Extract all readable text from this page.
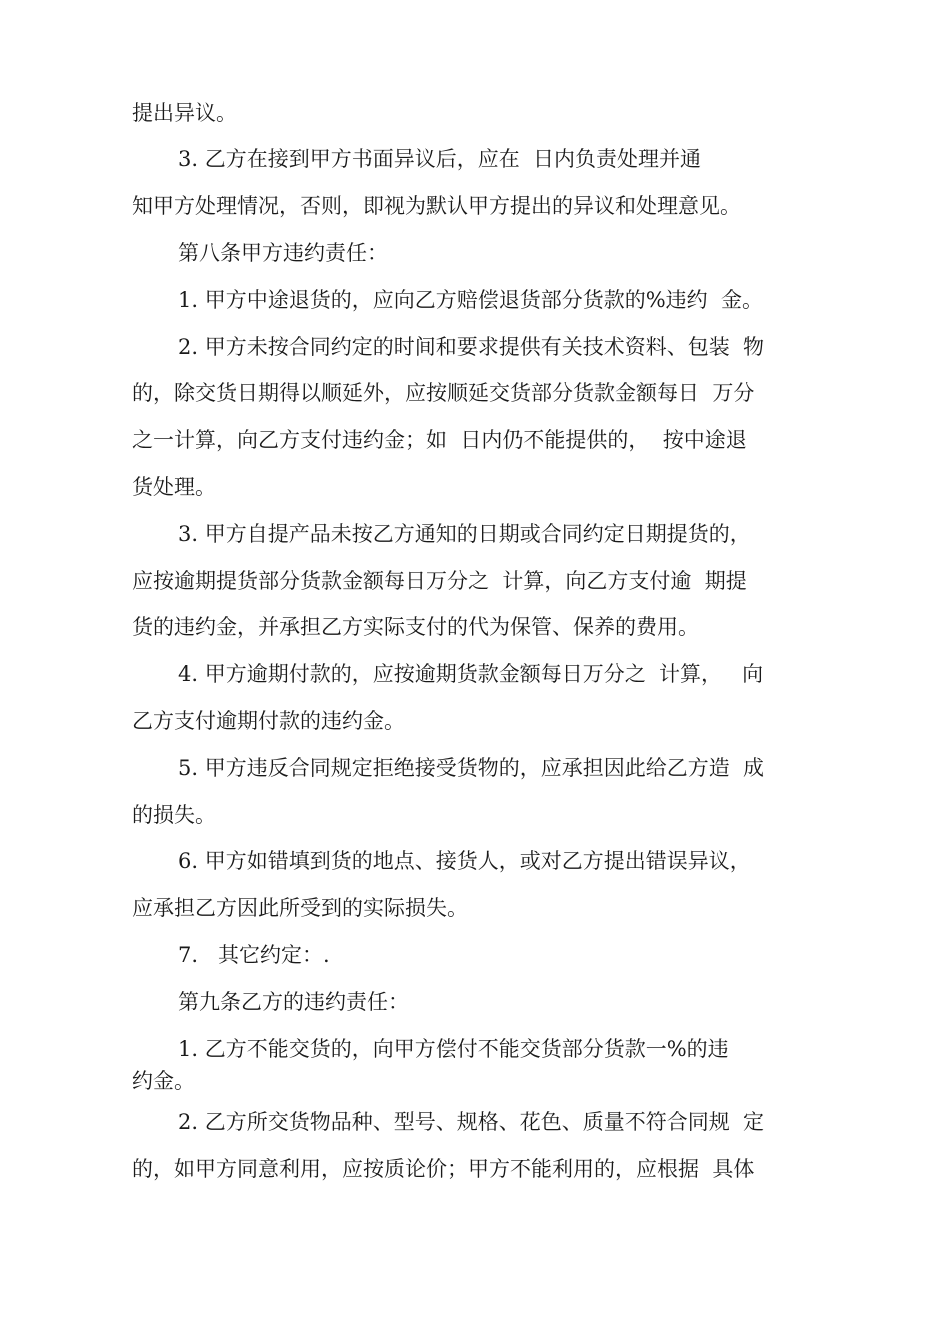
提出异议。
3. 乙方在接到甲方书面异议后，应在  日内负责处理并通
知甲方处理情况，否则，即视为默认甲方提出的异议和处理意见。
第八条甲方违约责任：
1. 甲方中途退货的，应向乙方赔偿退货部分货款的%违约  金。
2. 甲方未按合同约定的时间和要求提供有关技术资料、包装  物
的，除交货日期得以顺延外，应按顺延交货部分货款金额每日  万分
之一计算，向乙方支付违约金；如  日内仍不能提供的，  按中途退
货处理。
3. 甲方自提产品未按乙方通知的日期或合同约定日期提货的，
应按逾期提货部分货款金额每日万分之  计算，向乙方支付逾  期提
货的违约金，并承担乙方实际支付的代为保管、保养的费用。
4. 甲方逾期付款的，应按逾期货款金额每日万分之  计算，   向
乙方支付逾期付款的违约金。
5. 甲方违反合同规定拒绝接受货物的，应承担因此给乙方造  成
的损失。
6. 甲方如错填到货的地点、接货人，或对乙方提出错误异议，
应承担乙方因此所受到的实际损失。
7.   其它约定：.
第九条乙方的违约责任：
1. 乙方不能交货的，向甲方偿付不能交货部分货款一%的违
约金。
2. 乙方所交货物品种、型号、规格、花色、质量不符合同规  定
的，如甲方同意利用，应按质论价；甲方不能利用的，应根据  具体
